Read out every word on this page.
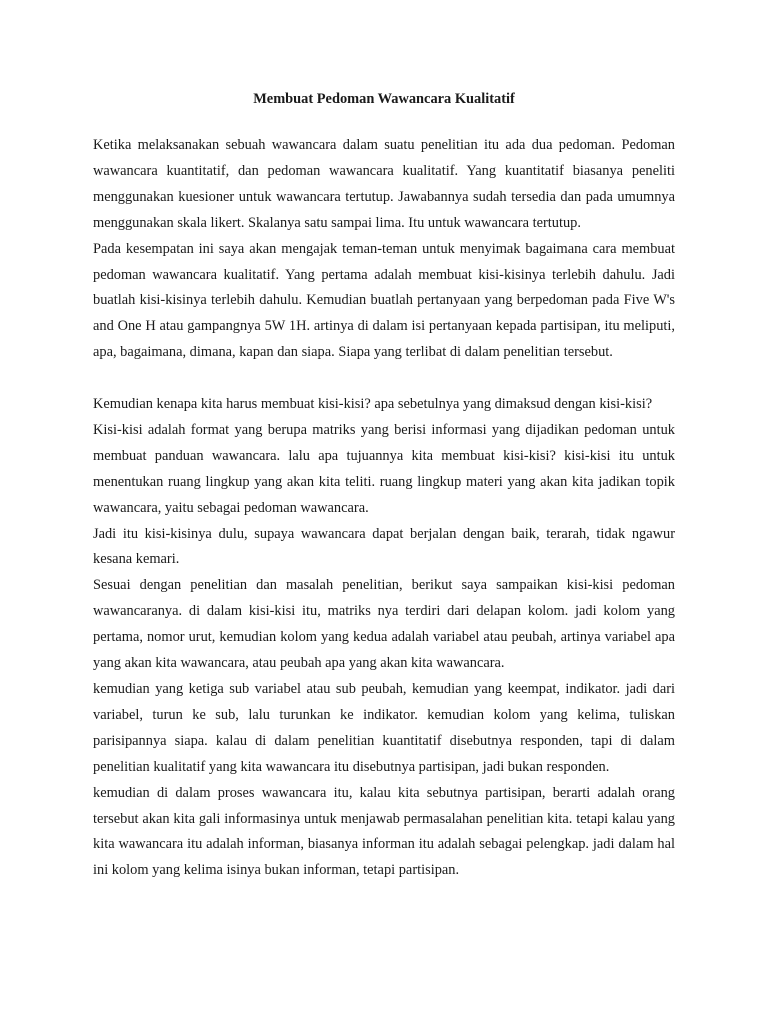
Membuat Pedoman Wawancara Kualitatif

Ketika melaksanakan sebuah wawancara dalam suatu penelitian itu ada dua pedoman. Pedoman wawancara kuantitatif, dan pedoman wawancara kualitatif. Yang kuantitatif biasanya peneliti menggunakan kuesioner untuk wawancara tertutup. Jawabannya sudah tersedia dan pada umumnya menggunakan skala likert. Skalanya satu sampai lima. Itu untuk wawancara tertutup.

Pada kesempatan ini saya akan mengajak teman-teman untuk menyimak bagaimana cara membuat pedoman wawancara kualitatif. Yang pertama adalah membuat kisi-kisinya terlebih dahulu. Jadi buatlah kisi-kisinya terlebih dahulu. Kemudian buatlah pertanyaan yang berpedoman pada Five W's and One H atau gampangnya 5W 1H. artinya di dalam isi pertanyaan kepada partisipan, itu meliputi, apa, bagaimana, dimana, kapan dan siapa. Siapa yang terlibat di dalam penelitian tersebut.

Kemudian kenapa kita harus membuat kisi-kisi? apa sebetulnya yang dimaksud dengan kisi-kisi?

Kisi-kisi adalah format yang berupa matriks yang berisi informasi yang dijadikan pedoman untuk membuat panduan wawancara. lalu apa tujuannya kita membuat kisi-kisi? kisi-kisi itu untuk menentukan ruang lingkup yang akan kita teliti. ruang lingkup materi yang akan kita jadikan topik wawancara, yaitu sebagai pedoman wawancara.

Jadi itu kisi-kisinya dulu, supaya wawancara dapat berjalan dengan baik, terarah, tidak ngawur kesana kemari.

Sesuai dengan penelitian dan masalah penelitian, berikut saya sampaikan kisi-kisi pedoman wawancaranya. di dalam kisi-kisi itu, matriks nya terdiri dari delapan kolom. jadi kolom yang pertama, nomor urut, kemudian kolom yang kedua adalah variabel atau peubah, artinya variabel apa yang akan kita wawancara, atau peubah apa yang akan kita wawancara.

kemudian yang ketiga sub variabel atau sub peubah, kemudian yang keempat, indikator. jadi dari variabel, turun ke sub, lalu turunkan ke indikator. kemudian kolom yang kelima, tuliskan parisipannya siapa. kalau di dalam penelitian kuantitatif disebutnya responden, tapi di dalam penelitian kualitatif yang kita wawancara itu disebutnya partisipan, jadi bukan responden.

kemudian di dalam proses wawancara itu, kalau kita sebutnya partisipan, berarti adalah orang tersebut akan kita gali informasinya untuk menjawab permasalahan penelitian kita. tetapi kalau yang kita wawancara itu adalah informan, biasanya informan itu adalah sebagai pelengkap. jadi dalam hal ini kolom yang kelima isinya bukan informan, tetapi partisipan.
